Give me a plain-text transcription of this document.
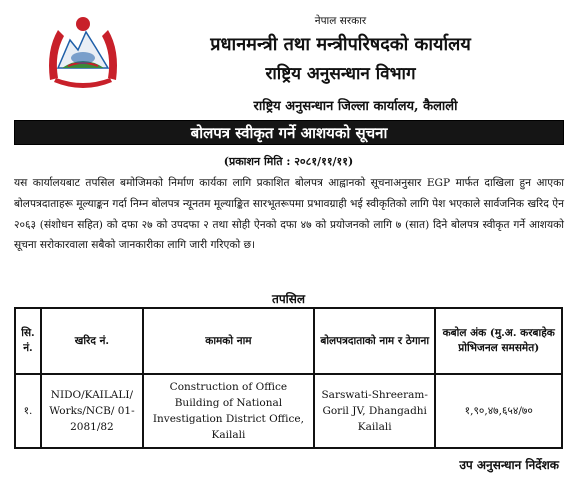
नेपाल सरकार
प्रधानमन्त्री तथा मन्त्रीपरिषदको कार्यालय
राष्ट्रिय अनुसन्धान विभाग
राष्ट्रिय अनुसन्धान जिल्ला कार्यालय, कैलाली
बोलपत्र स्वीकृत गर्ने आशयको सूचना
(प्रकाशन मिति : २०८१/११/११)
यस कार्यालयबाट तपसिल बमोजिमको निर्माण कार्यका लागि प्रकाशित बोलपत्र आह्वानको सूचनाअनुसार EGP मार्फत दाखिला हुन आएका बोलपत्रदाताहरू मूल्याङ्कन गर्दा निम्न बोलपत्र न्यूनतम मूल्याङ्कित सारभूतरूपमा प्रभावग्राही भई स्वीकृतिको लागि पेश भएकाले सार्वजनिक खरिद ऐन २०६३ (संशोधन सहित) को दफा २७ को उपदफा २ तथा सोही ऐनको दफा ४७ को प्रयोजनको लागि ७ (सात) दिने बोलपत्र स्वीकृत गर्ने आशयको सूचना सरोकारवाला सबैको जानकारीका लागि जारी गरिएको छ।
तपसिल
सि. नं.	खरिद नं.	कामको नाम	बोलपत्रदाताको नाम र ठेगाना	कबोल अंक (मु.अ. करबाहेक प्रोभिजनल समसमेत)
१.	NIDO/KAILALI/ Works/NCB/ 01-2081/82	Construction of Office Building of National Investigation District Office, Kailali	Sarswati-Shreeram- Goril JV, Dhangadhi Kailali	१,९०,४७,६५४/७०
उप अनुसन्धान निर्देशक
